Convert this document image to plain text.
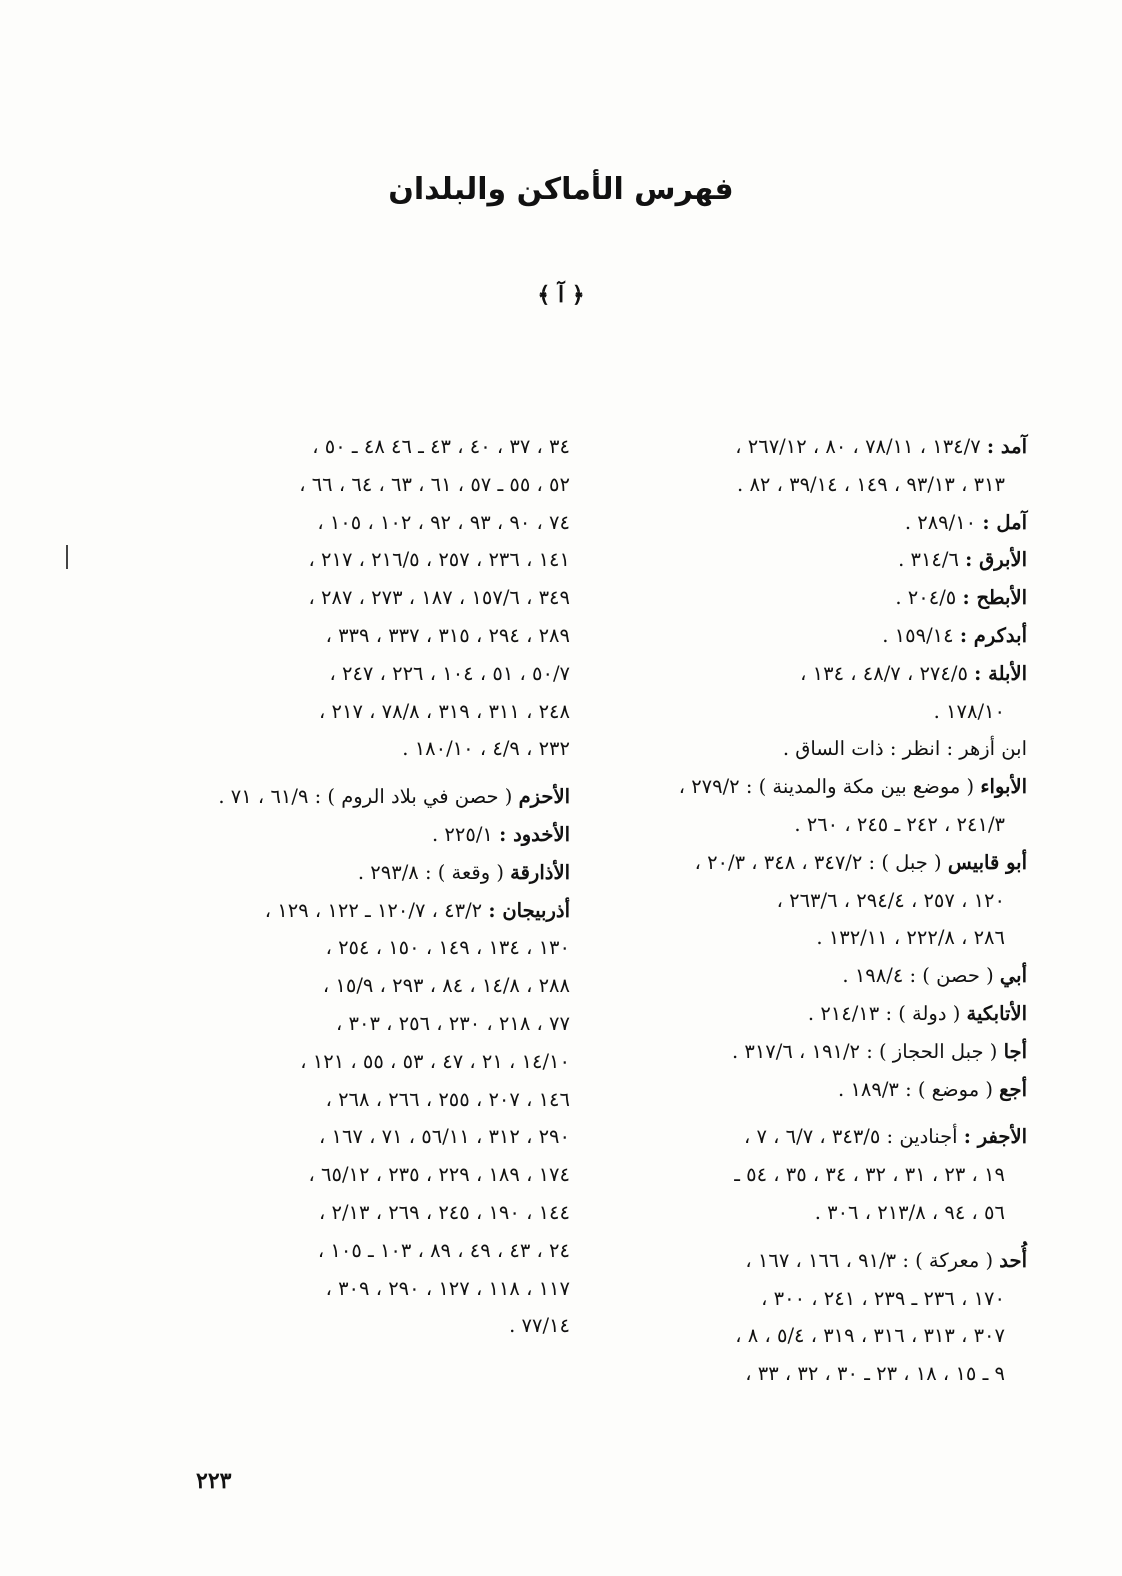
فهرس الأماكن والبلدان
﴿ آ ﴾
آمد : ١٣٤/٧ ، ٧٨/١١ ، ٨٠ ، ٢٦٧/١٢ ،
٣١٣ ، ٩٣/١٣ ، ١٤٩ ، ٣٩/١٤ ، ٨٢ .
آمل : ٢٨٩/١٠ .
الأبرق : ٣١٤/٦ .
الأبطح : ٢٠٤/٥ .
أبدكرم : ١٥٩/١٤ .
الأبلة : ٢٧٤/٥ ، ٤٨/٧ ، ١٣٤ ،
١٧٨/١٠ .
ابن أزهر : انظر : ذات الساق .
الأبواء ( موضع بين مكة والمدينة ) : ٢٧٩/٢ ،
٢٤١/٣ ، ٢٤٢ ـ ٢٤٥ ، ٢٦٠ .
أبو قابيس ( جبل ) : ٣٤٧/٢ ، ٣٤٨ ، ٢٠/٣ ،
١٢٠ ، ٢٥٧ ، ٢٩٤/٤ ، ٢٦٣/٦ ،
٢٨٦ ، ٢٢٢/٨ ، ١٣٢/١١ .
أبي ( حصن ) : ١٩٨/٤ .
الأتابكية ( دولة ) : ٢١٤/١٣ .
أجا ( جبل الحجاز ) : ١٩١/٢ ، ٣١٧/٦ .
أجع ( موضع ) : ١٨٩/٣ .
الأجفر : أجنادين : ٣٤٣/٥ ، ٦/٧ ، ٧ ،
١٩ ، ٢٣ ، ٣١ ، ٣٢ ، ٣٤ ، ٣٥ ، ٥٤ ـ
٥٦ ، ٩٤ ، ٢١٣/٨ ، ٣٠٦ .
أُحد ( معركة ) : ٩١/٣ ، ١٦٦ ، ١٦٧ ،
١٧٠ ، ٢٣٦ ـ ٢٣٩ ، ٢٤١ ، ٣٠٠ ،
٣٠٧ ، ٣١٣ ، ٣١٦ ، ٣١٩ ، ٥/٤ ، ٨ ،
٩ ـ ١٥ ، ١٨ ، ٢٣ ـ ٣٠ ، ٣٢ ، ٣٣ ،
٣٤ ، ٣٧ ، ٤٠ ، ٤٣ ـ ٤٦ ٤٨ ـ ٥٠ ،
٥٢ ، ٥٥ ـ ٥٧ ، ٦١ ، ٦٣ ، ٦٤ ، ٦٦ ،
٧٤ ، ٩٠ ، ٩٣ ، ٩٢ ، ١٠٢ ، ١٠٥ ،
١٤١ ، ٢٣٦ ، ٢٥٧ ، ٢١٦/٥ ، ٢١٧ ،
٣٤٩ ، ١٥٧/٦ ، ١٨٧ ، ٢٧٣ ، ٢٨٧ ،
٢٨٩ ، ٢٩٤ ، ٣١٥ ، ٣٣٧ ، ٣٣٩ ،
٥٠/٧ ، ٥١ ، ١٠٤ ، ٢٢٦ ، ٢٤٧ ،
٢٤٨ ، ٣١١ ، ٣١٩ ، ٧٨/٨ ، ٢١٧ ،
٢٣٢ ، ٤/٩ ، ١٨٠/١٠ .
الأحزم ( حصن في بلاد الروم ) : ٦١/٩ ، ٧١ .
الأخدود : ٢٢٥/١ .
الأذارقة ( وقعة ) : ٢٩٣/٨ .
أذربيجان : ٤٣/٢ ، ١٢٠/٧ ـ ١٢٢ ، ١٢٩ ،
١٣٠ ، ١٣٤ ، ١٤٩ ، ١٥٠ ، ٢٥٤ ،
٢٨٨ ، ١٤/٨ ، ٨٤ ، ٢٩٣ ، ١٥/٩ ،
٧٧ ، ٢١٨ ، ٢٣٠ ، ٢٥٦ ، ٣٠٣ ،
١٤/١٠ ، ٢١ ، ٤٧ ، ٥٣ ، ٥٥ ، ١٢١ ،
١٤٦ ، ٢٠٧ ، ٢٥٥ ، ٢٦٦ ، ٢٦٨ ،
٢٩٠ ، ٣١٢ ، ٥٦/١١ ، ٧١ ، ١٦٧ ،
١٧٤ ، ١٨٩ ، ٢٢٩ ، ٢٣٥ ، ٦٥/١٢ ،
١٤٤ ، ١٩٠ ، ٢٤٥ ، ٢٦٩ ، ٢/١٣ ،
٢٤ ، ٤٣ ، ٤٩ ، ٨٩ ، ١٠٣ ـ ١٠٥ ،
١١٧ ، ١١٨ ، ١٢٧ ، ٢٩٠ ، ٣٠٩ ،
٧٧/١٤ .
٢٢٣
